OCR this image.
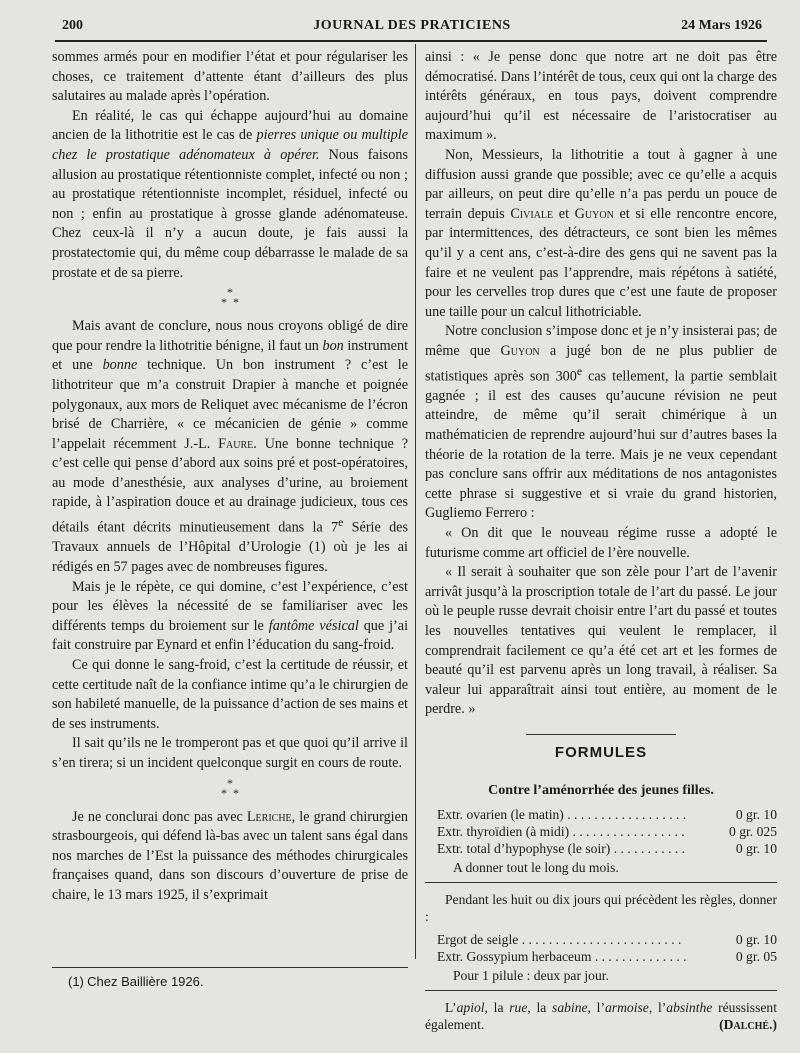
200	JOURNAL DES PRATICIENS	24 Mars 1926

sommes armés pour en modifier l’état et pour régulariser les choses, ce traitement d’attente étant d’ailleurs des plus salutaires au malade après l’opération.

En réalité, le cas qui échappe aujourd’hui au domaine ancien de la lithotritie est le cas de pierres unique ou multiple chez le prostatique adénomateux à opérer. Nous faisons allusion au prostatique rétentionniste complet, infecté ou non ; au prostatique rétentionniste incomplet, résiduel, infecté ou non ; enfin au prostatique à grosse glande adénomateuse. Chez ceux-là il n’y a aucun doute, je fais aussi la prostatectomie qui, du même coup débarrasse le malade de sa prostate et de sa pierre.

*
*  *

Mais avant de conclure, nous nous croyons obligé de dire que pour rendre la lithotritie bénigne, il faut un bon instrument et une bonne technique. Un bon instrument ? c’est le lithotriteur que m’a construit Drapier à manche et poignée polygonaux, aux mors de Reliquet avec mécanisme de l’écron brisé de Charrière, « ce mécanicien de génie » comme l’appelait récemment J.-L. Faure. Une bonne technique ? c’est celle qui pense d’abord aux soins pré et post-opératoires, au mode d’anesthésie, aux analyses d’urine, au broiement rapide, à l’aspiration douce et au drainage judicieux, tous ces détails étant décrits minutieusement dans la 7e Série des Travaux annuels de l’Hôpital d’Urologie (1) où je les ai rédigés en 57 pages avec de nombreuses figures.

Mais je le répète, ce qui domine, c’est l’expérience, c’est pour les élèves la nécessité de se familiariser avec les différents temps du broiement sur le fantôme vésical que j’ai fait construire par Eynard et enfin l’éducation du sang-froid.

Ce qui donne le sang-froid, c’est la certitude de réussir, et cette certitude naît de la confiance intime qu’a le chirurgien de son habileté manuelle, de la puissance d’action de ses mains et de ses instruments.

Il sait qu’ils ne le tromperont pas et que quoi qu’il arrive il s’en tirera; si un incident quelconque surgit en cours de route.

*
*  *

Je ne conclurai donc pas avec Leriche, le grand chirurgien strasbourgeois, qui défend là-bas avec un talent sans égal dans nos marches de l’Est la puissance des méthodes chirurgicales françaises quand, dans son discours d’ouverture de prise de chaire, le 13 mars 1925, il s’exprimait

ainsi : « Je pense donc que notre art ne doit pas être démocratisé. Dans l’intérêt de tous, ceux qui ont la charge des intérêts généraux, en tous pays, doivent comprendre aujourd’hui qu’il est nécessaire de l’aristocratiser au maximum ».

Non, Messieurs, la lithotritie a tout à gagner à une diffusion aussi grande que possible; avec ce qu’elle a acquis par ailleurs, on peut dire qu’elle n’a pas perdu un pouce de terrain depuis Civiale et Guyon et si elle rencontre encore, par intermittences, des détracteurs, ce sont bien les mêmes qu’il y a cent ans, c’est-à-dire des gens qui ne savent pas la faire et ne veulent pas l’apprendre, mais répétons à satiété, pour les cervelles trop dures que c’est une faute de proposer une taille pour un calcul lithotriciable.

Notre conclusion s’impose donc et je n’y insisterai pas; de même que Guyon a jugé bon de ne plus publier de statistiques après son 300e cas tellement, la partie semblait gagnée ; il est des causes qu’aucune révision ne peut atteindre, de même qu’il serait chimérique à un mathématicien de reprendre aujourd’hui sur d’autres bases la théorie de la rotation de la terre. Mais je ne veux cependant pas conclure sans offrir aux méditations de nos antagonistes cette phrase si suggestive et si vraie du grand historien, Gugliemo Ferrero :

« On dit que le nouveau régime russe a adopté le futurisme comme art officiel de l’ère nouvelle.

« Il serait à souhaiter que son zèle pour l’art de l’avenir arrivât jusqu’à la proscription totale de l’art du passé. Le jour où le peuple russe devrait choisir entre l’art du passé et toutes les nouvelles tentatives qui veulent le remplacer, il comprendrait facilement ce qu’a été cet art et les formes de beauté qu’il est parvenu après un long travail, à réaliser. Sa valeur lui apparaîtrait ainsi tout entière, au moment de le perdre. »

FORMULES
Contre l’aménorrhée des jeunes filles.
Extr. ovarien (le matin) . . .	0 gr. 10
Extr. thyroïdien (à midi) . . .	0 gr. 025
Extr. total d’hypophyse (le soir) . . .	0 gr. 10
A donner tout le long du mois.

Pendant les huit ou dix jours qui précèdent les règles, donner :

Ergot de seigle . . .	0 gr. 10
Extr. Gossypium herbaceum . . .	0 gr. 05
Pour 1 pilule : deux par jour.

L’apiol, la rue, la sabine, l’armoise, l’absinthe réussissent également.	(Dalché.)

(1) Chez Baillière 1926.
